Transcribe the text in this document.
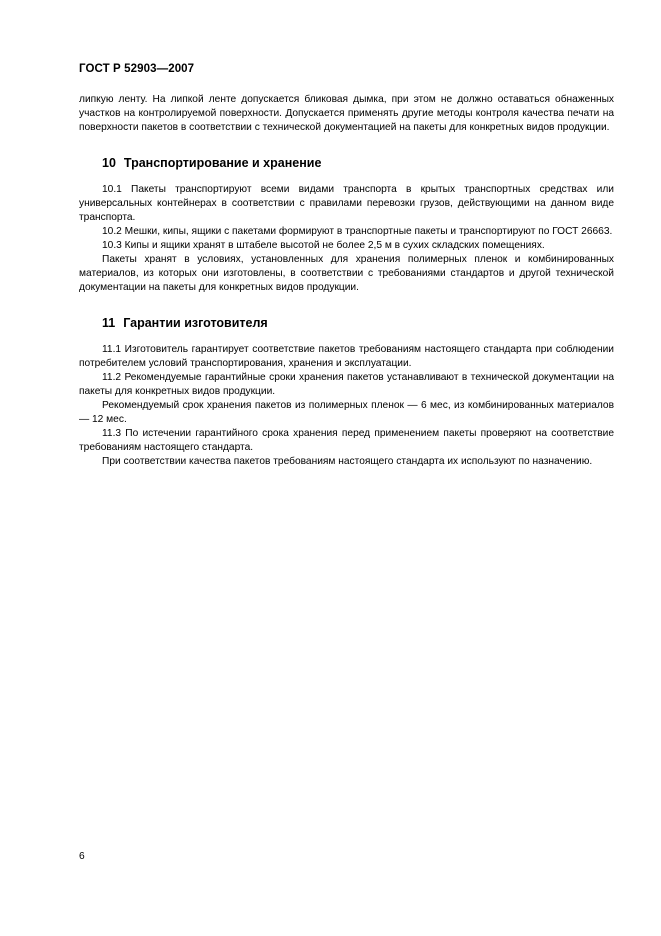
ГОСТ Р 52903—2007

липкую ленту. На липкой ленте допускается бликовая дымка, при этом не должно оставаться обнаженных участков на контролируемой поверхности. Допускается применять другие методы контроля качества печати на поверхности пакетов в соответствии с технической документацией на пакеты для конкретных видов продукции.

10 Транспортирование и хранение

10.1 Пакеты транспортируют всеми видами транспорта в крытых транспортных средствах или универсальных контейнерах в соответствии с правилами перевозки грузов, действующими на данном виде транспорта.

10.2 Мешки, кипы, ящики с пакетами формируют в транспортные пакеты и транспортируют по ГОСТ 26663.

10.3 Кипы и ящики хранят в штабеле высотой не более 2,5 м в сухих складских помещениях.

Пакеты хранят в условиях, установленных для хранения полимерных пленок и комбинированных материалов, из которых они изготовлены, в соответствии с требованиями стандартов и другой технической документации на пакеты для конкретных видов продукции.

11 Гарантии изготовителя

11.1 Изготовитель гарантирует соответствие пакетов требованиям настоящего стандарта при соблюдении потребителем условий транспортирования, хранения и эксплуатации.

11.2 Рекомендуемые гарантийные сроки хранения пакетов устанавливают в технической документации на пакеты для конкретных видов продукции.

Рекомендуемый срок хранения пакетов из полимерных пленок — 6 мес, из комбинированных материалов — 12 мес.

11.3 По истечении гарантийного срока хранения перед применением пакеты проверяют на соответствие требованиям настоящего стандарта.

При соответствии качества пакетов требованиям настоящего стандарта их используют по назначению.

6
